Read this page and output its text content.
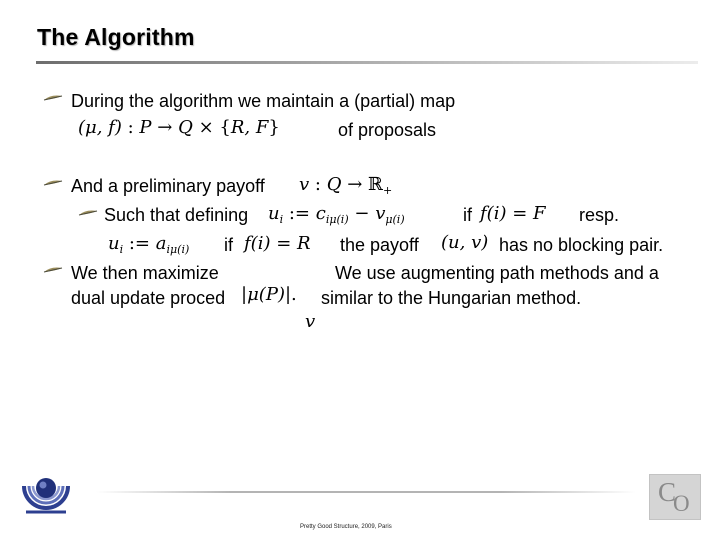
The Algorithm
During the algorithm we maintain a (partial) map
(μ, f) : P → Q × {R, F}	of proposals
And a preliminary payoff v : Q → ℝ$_+$
Such that defining $u_i$ := $c_{i\mu(i)} - v_{\mu(i)}$	if f(i) = F resp.
$u_i$ := $a_{i\mu(i)}$ if f(i) = R the payoff (u, v) has no blocking pair.
We then maximize	We use augmenting path methods and a
dual update proced |μ(P)|. similar to the Hungarian method.
v
Pretty Good Structure, 2009, Paris
C
O
